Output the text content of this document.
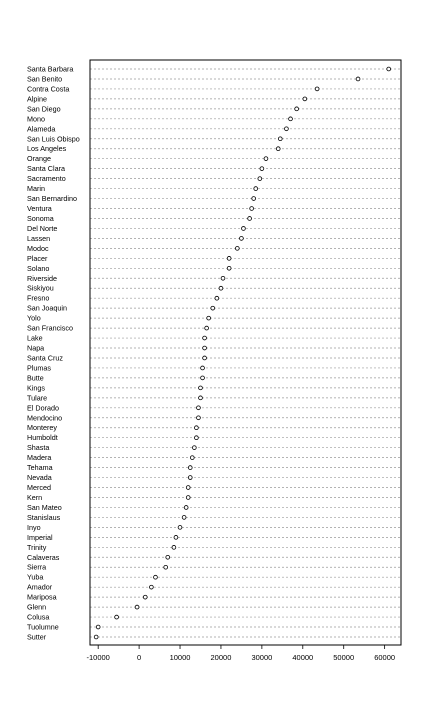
Santa Barbara
San Benito
Contra Costa
Alpine
San Diego
Mono
Alameda
San Luis Obispo
Los Angeles
Orange
Santa Clara
Sacramento
Marin
San Bernardino
Ventura
Sonoma
Del Norte
Lassen
Modoc
Placer
Solano
Riverside
Siskiyou
Fresno
San Joaquin
Yolo
San Francisco
Lake
Napa
Santa Cruz
Plumas
Butte
Kings
Tulare
El Dorado
Mendocino
Monterey
Humboldt
Shasta
Madera
Tehama
Nevada
Merced
Kern
San Mateo
Stanislaus
Inyo
Imperial
Trinity
Calaveras
Sierra
Yuba
Amador
Mariposa
Glenn
Colusa
Tuolumne
Sutter
-10000	0	10000	20000	30000	40000	50000	60000
